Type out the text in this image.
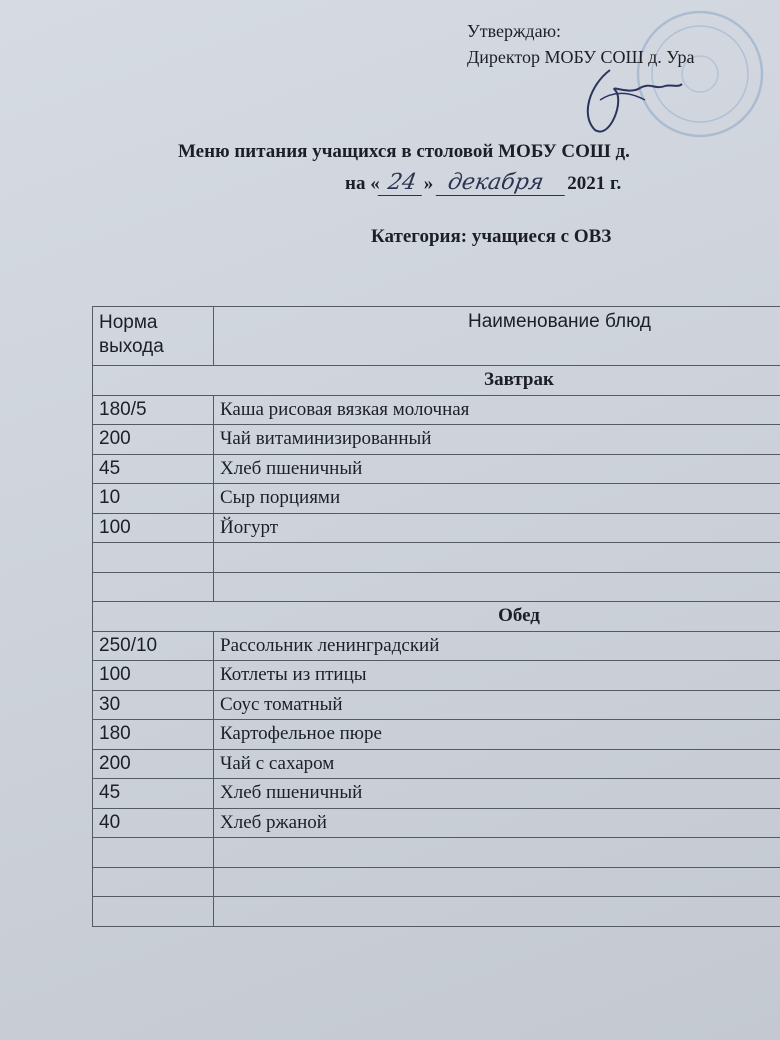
Утверждаю:
Директор МОБУ СОШ д. Ура
Меню питания учащихся в столовой МОБУ СОШ д.
на « 24 » декабря 2021 г.
Категория: учащиеся с ОВЗ
Норма выхода	Наименование блюд
Завтрак	
180/5	Каша рисовая вязкая молочная
200	Чай витаминизированный
45	Хлеб пшеничный
10	Сыр порциями
100	Йогурт

Обед	
250/10	Рассольник ленинградский
100	Котлеты из птицы
30	Соус томатный
180	Картофельное пюре
200	Чай с сахаром
45	Хлеб пшеничный
40	Хлеб ржаной
